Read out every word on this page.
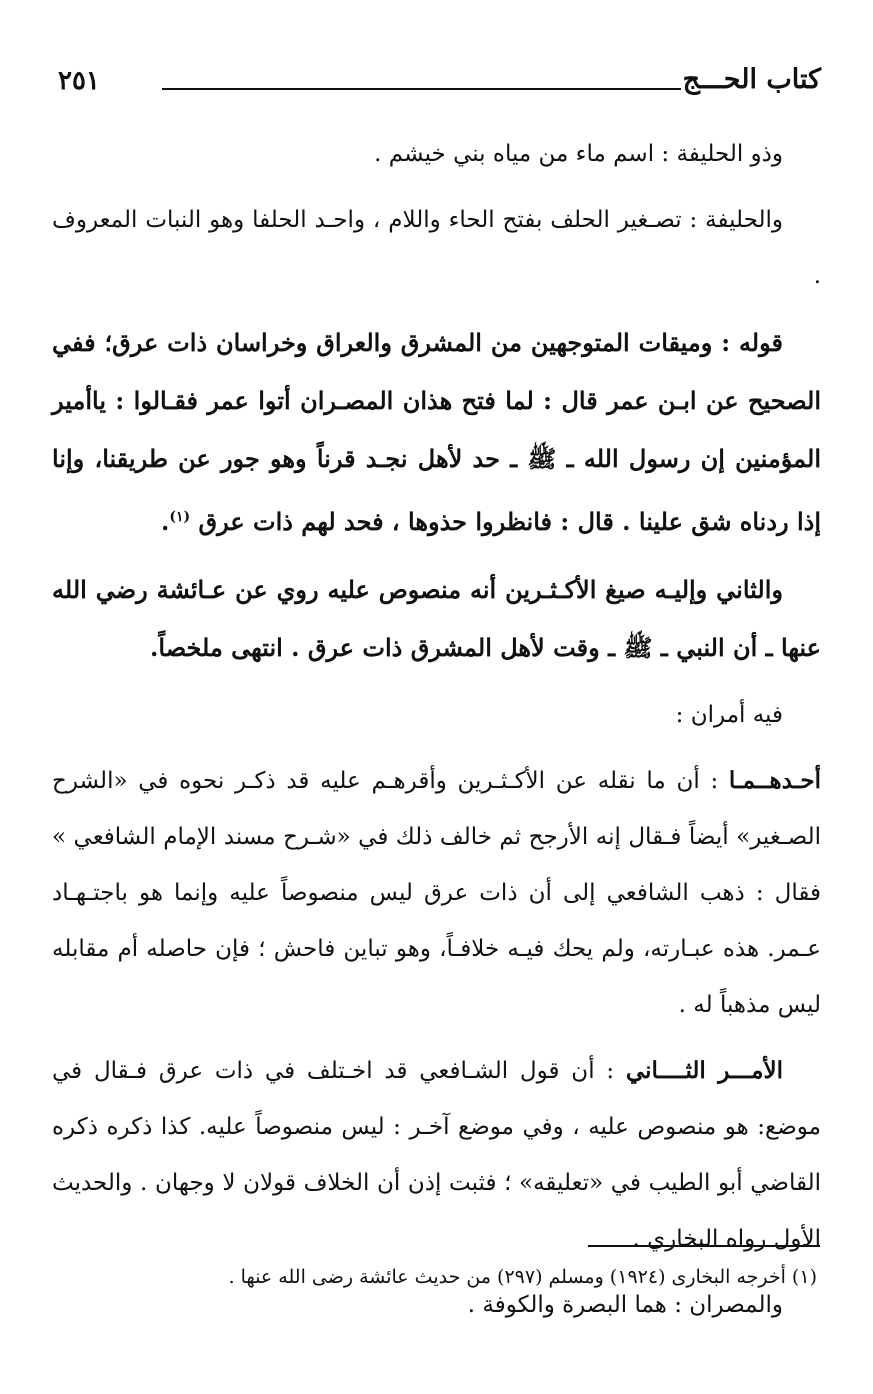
٢٥١	كتاب الحـــج

وذو الحليفة : اسم ماء من مياه بني خيشم .

والحليفة : تصـغير الحلف بفتح الحاء واللام ، واحـد الحلفا وهو النبات المعروف .

قوله : وميقات المتوجهين من المشرق والعراق وخراسان ذات عرق؛ ففي الصحيح عن ابـن عمر قال : لما فتح هذان المصـران أتوا عمر فقـالوا : ياأمير المؤمنين إن رسول الله ـ ﷺ ـ حد لأهل نجـد قرناً وهو جور عن طريقنا، وإنا إذا ردناه شق علينا . قال : فانظروا حذوها ، فحد لهم ذات عرق $^{(١)}$.

والثاني وإليـه صيغ الأكـثـرين أنه منصوص عليه روي عن عـائشة رضي الله عنها ـ أن النبي ـ ﷺ ـ وقت لأهل المشرق ذات عرق . انتهى ملخصاً.

فيه أمران :

أحـدهــمـا : أن ما نقله عن الأكـثـرين وأقرهـم عليه قد ذكـر نحوه في «الشرح الصـغير» أيضاً فـقال إنه الأرجح ثم خالف ذلك في «شـرح مسند الإمام الشافعي » فقال : ذهب الشافعي إلى أن ذات عرق ليس منصوصاً عليه وإنما هو باجتـهـاد عـمر. هذه عبـارته، ولم يحك فيـه خلافـاً، وهو تباين فاحش ؛ فإن حاصله أم مقابله ليس مذهباً له .

الأمـــر الثــــاني : أن قول الشـافعي قد اخـتلف في ذات عرق فـقال في موضع: هو منصوص عليه ، وفي موضع آخـر : ليس منصوصاً عليه. كذا ذكره ذكره القاضي أبو الطيب في «تعليقه» ؛ فثبت إذن أن الخلاف قولان لا وجهان . والحديث الأول رواه البخاري .

والمصران : هما البصرة والكوفة .

(١) أخرجه البخارى (١٩٢٤) ومسلم (٢٩٧) من حديث عائشة رضى الله عنها .
